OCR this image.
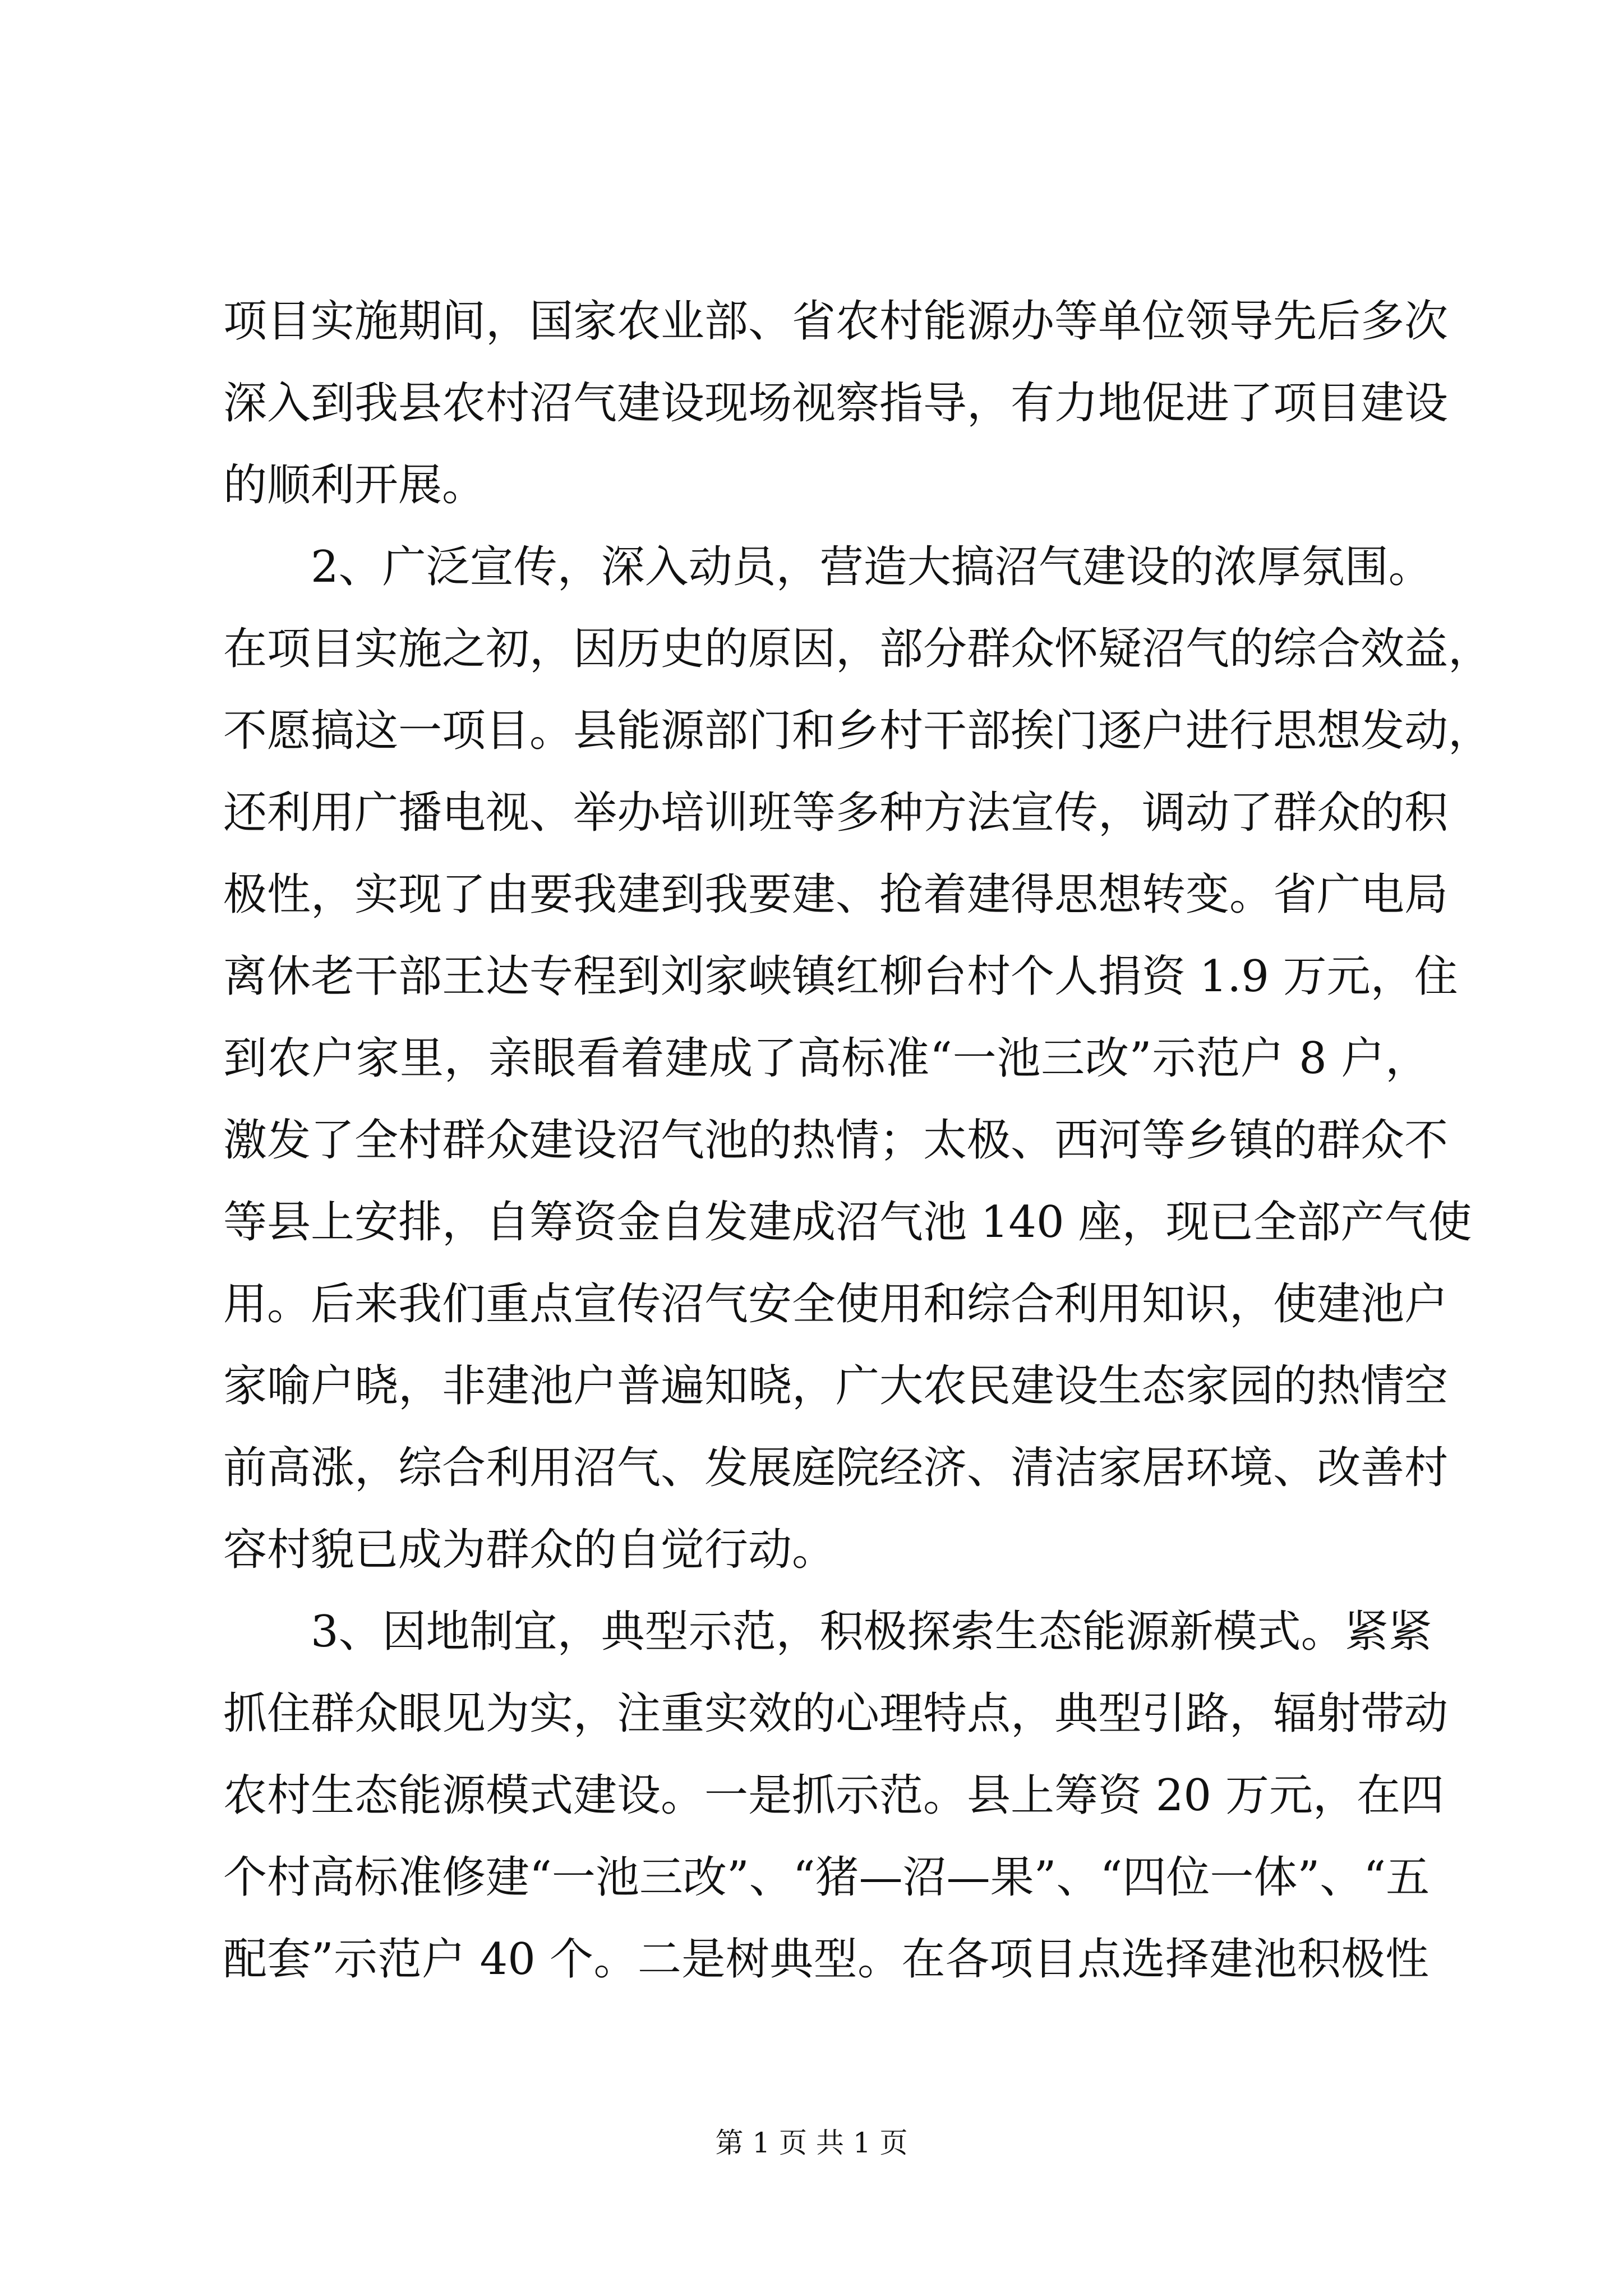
项目实施期间，国家农业部、省农村能源办等单位领导先后多次
深入到我县农村沼气建设现场视察指导，有力地促进了项目建设
的顺利开展。
2、广泛宣传，深入动员，营造大搞沼气建设的浓厚氛围。
在项目实施之初，因历史的原因，部分群众怀疑沼气的综合效益，
不愿搞这一项目。县能源部门和乡村干部挨门逐户进行思想发动，
还利用广播电视、举办培训班等多种方法宣传，调动了群众的积
极性，实现了由要我建到我要建、抢着建得思想转变。省广电局
离休老干部王达专程到刘家峡镇红柳台村个人捐资 1.9 万元，住
到农户家里，亲眼看着建成了高标准“一池三改”示范户 8 户，
激发了全村群众建设沼气池的热情；太极、西河等乡镇的群众不
等县上安排，自筹资金自发建成沼气池 140 座，现已全部产气使
用。后来我们重点宣传沼气安全使用和综合利用知识，使建池户
家喻户晓，非建池户普遍知晓，广大农民建设生态家园的热情空
前高涨，综合利用沼气、发展庭院经济、清洁家居环境、改善村
容村貌已成为群众的自觉行动。
3、因地制宜，典型示范，积极探索生态能源新模式。紧紧
抓住群众眼见为实，注重实效的心理特点，典型引路，辐射带动
农村生态能源模式建设。一是抓示范。县上筹资 20 万元，在四
个村高标准修建“一池三改”、“猪—沼—果”、“四位一体”、“五
配套”示范户 40 个。二是树典型。在各项目点选择建池积极性
第 1 页 共 1 页
